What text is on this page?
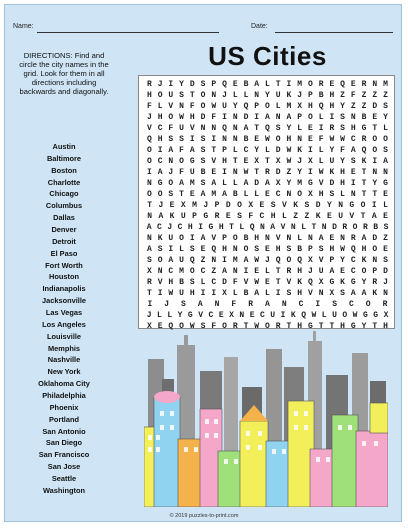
Name:	Date:
US Cities
DIRECTIONS: Find and circle the city names in the grid. Look for them in all directions including backwards and diagonally.
Austin
Baltimore
Boston
Charlotte
Chicago
Columbus
Dallas
Denver
Detroit
El Paso
Fort Worth
Houston
Indianapolis
Jacksonville
Las Vegas
Los Angeles
Louisville
Memphis
Nashville
New York
Oklahoma City
Philadelphia
Phoenix
Portland
San Antonio
San Diego
San Francisco
San Jose
Seattle
Washington
R J I Y D S P Q E B A L T I M O R E Q E R N M
H O U S T O N J L L N Y U K J P B H Z F Z Z Z
F L V N F O W U Y Q P O L M X H Q H Y Z Z D S
J H O W H D F I N D I A N A P O L I S N B E Y
V C F U V N N Q N A T Q S Y L E I R S H G T L
Q H S S I S I N N B E W O H N E F W W C R O O
O I A F A S T P L C Y L D W K I L Y F A Q O S
O C N O G S V H T E X T X W J X L U Y S K I A
I A J F U B E I N W T R D Z Y I W K H E T N N
N G O A M S A L L A D A X Y M G V D H I T Y G
O O S T E A M A B L L E C N O X H S L N T T E
T J E X M J P D O X E S V K S D Y N G O I L
N A K U P G R E S F C H L Z Z K E U V T A E
A C J C H I G H T L Q N A V N L T N D R O R B S
N K U O I A V P O B H N V N L N A E N R A D Z
A S I L S E Q H N O S E H S B P S H W Q H O E
S O A U Q Z N I M A W J Q O Q X V P Y C K N S
X N C M O C Z A N I E L T R H J U A E C O P D
R V H B S L C D F V W E T V K Q X G K G Y R J
T I W U H I I X L B A L I S H V N X S A A K N
I	J	S	A	N	F	R	A	N	C	I	S	C	O	R
J L L Y G V C E X N E C U I K Q W L U O W G G X
X E Q O W S F O R T W O R T H G T T H G Y T H
© 2019 puzzles-to-print.com
